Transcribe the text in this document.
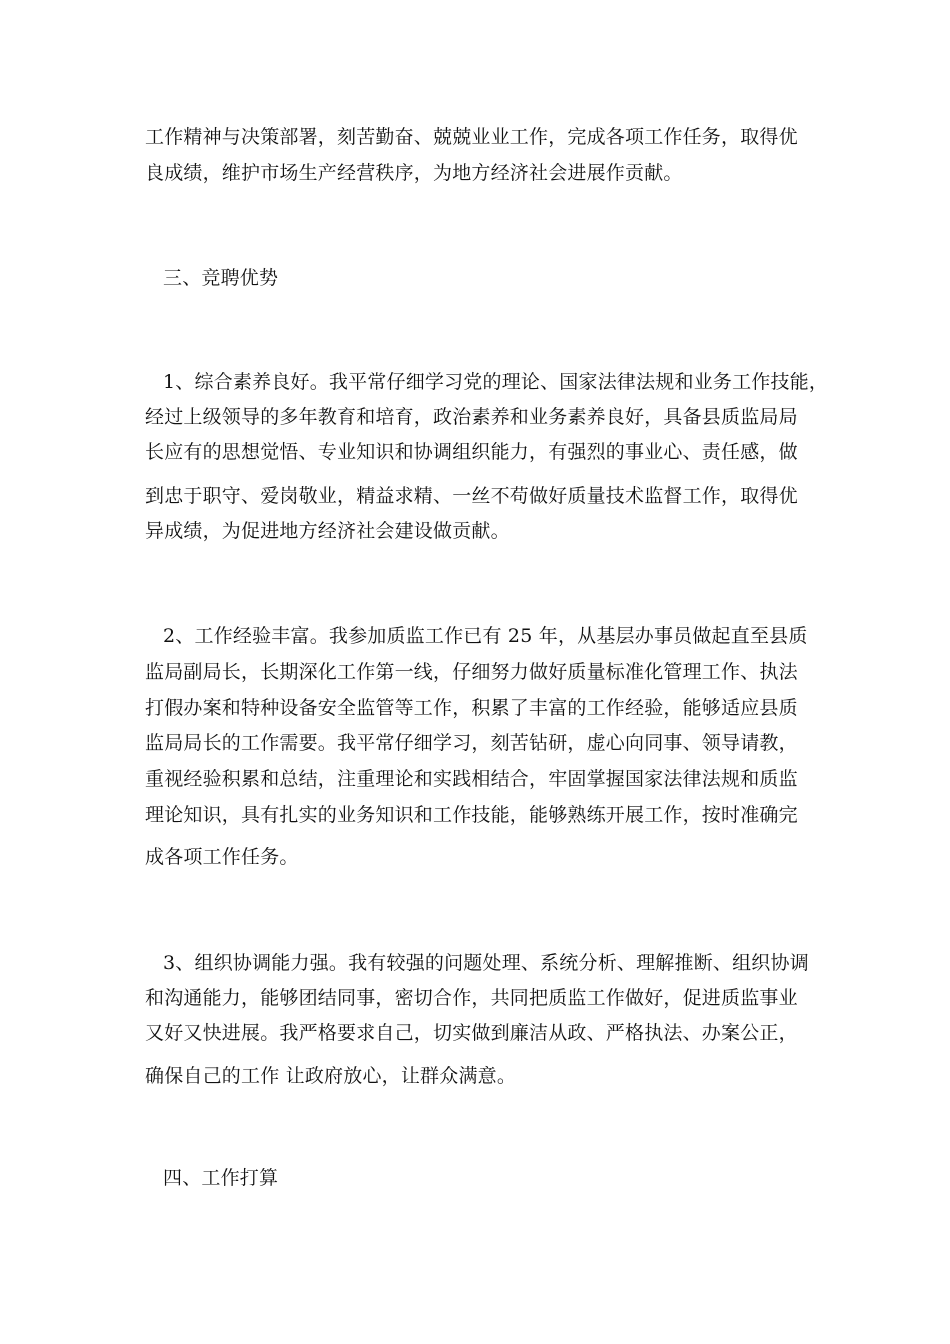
工作精神与决策部署，刻苦勤奋、兢兢业业工作，完成各项工作任务，取得优
良成绩，维护市场生产经营秩序，为地方经济社会进展作贡献。
三、竞聘优势
1、综合素养良好。我平常仔细学习党的理论、国家法律法规和业务工作技能，
经过上级领导的多年教育和培育，政治素养和业务素养良好，具备县质监局局
长应有的思想觉悟、专业知识和协调组织能力，有强烈的事业心、责任感，做
到忠于职守、爱岗敬业，精益求精、一丝不苟做好质量技术监督工作，取得优
异成绩，为促进地方经济社会建设做贡献。
2、工作经验丰富。我参加质监工作已有 25 年，从基层办事员做起直至县质
监局副局长，长期深化工作第一线，仔细努力做好质量标准化管理工作、执法
打假办案和特种设备安全监管等工作，积累了丰富的工作经验，能够适应县质
监局局长的工作需要。我平常仔细学习，刻苦钻研，虚心向同事、领导请教，
重视经验积累和总结，注重理论和实践相结合，牢固掌握国家法律法规和质监
理论知识，具有扎实的业务知识和工作技能，能够熟练开展工作，按时准确完
成各项工作任务。
3、组织协调能力强。我有较强的问题处理、系统分析、理解推断、组织协调
和沟通能力，能够团结同事，密切合作，共同把质监工作做好，促进质监事业
又好又快进展。我严格要求自己，切实做到廉洁从政、严格执法、办案公正，
确保自己的工作 让政府放心，让群众满意。
四、工作打算
